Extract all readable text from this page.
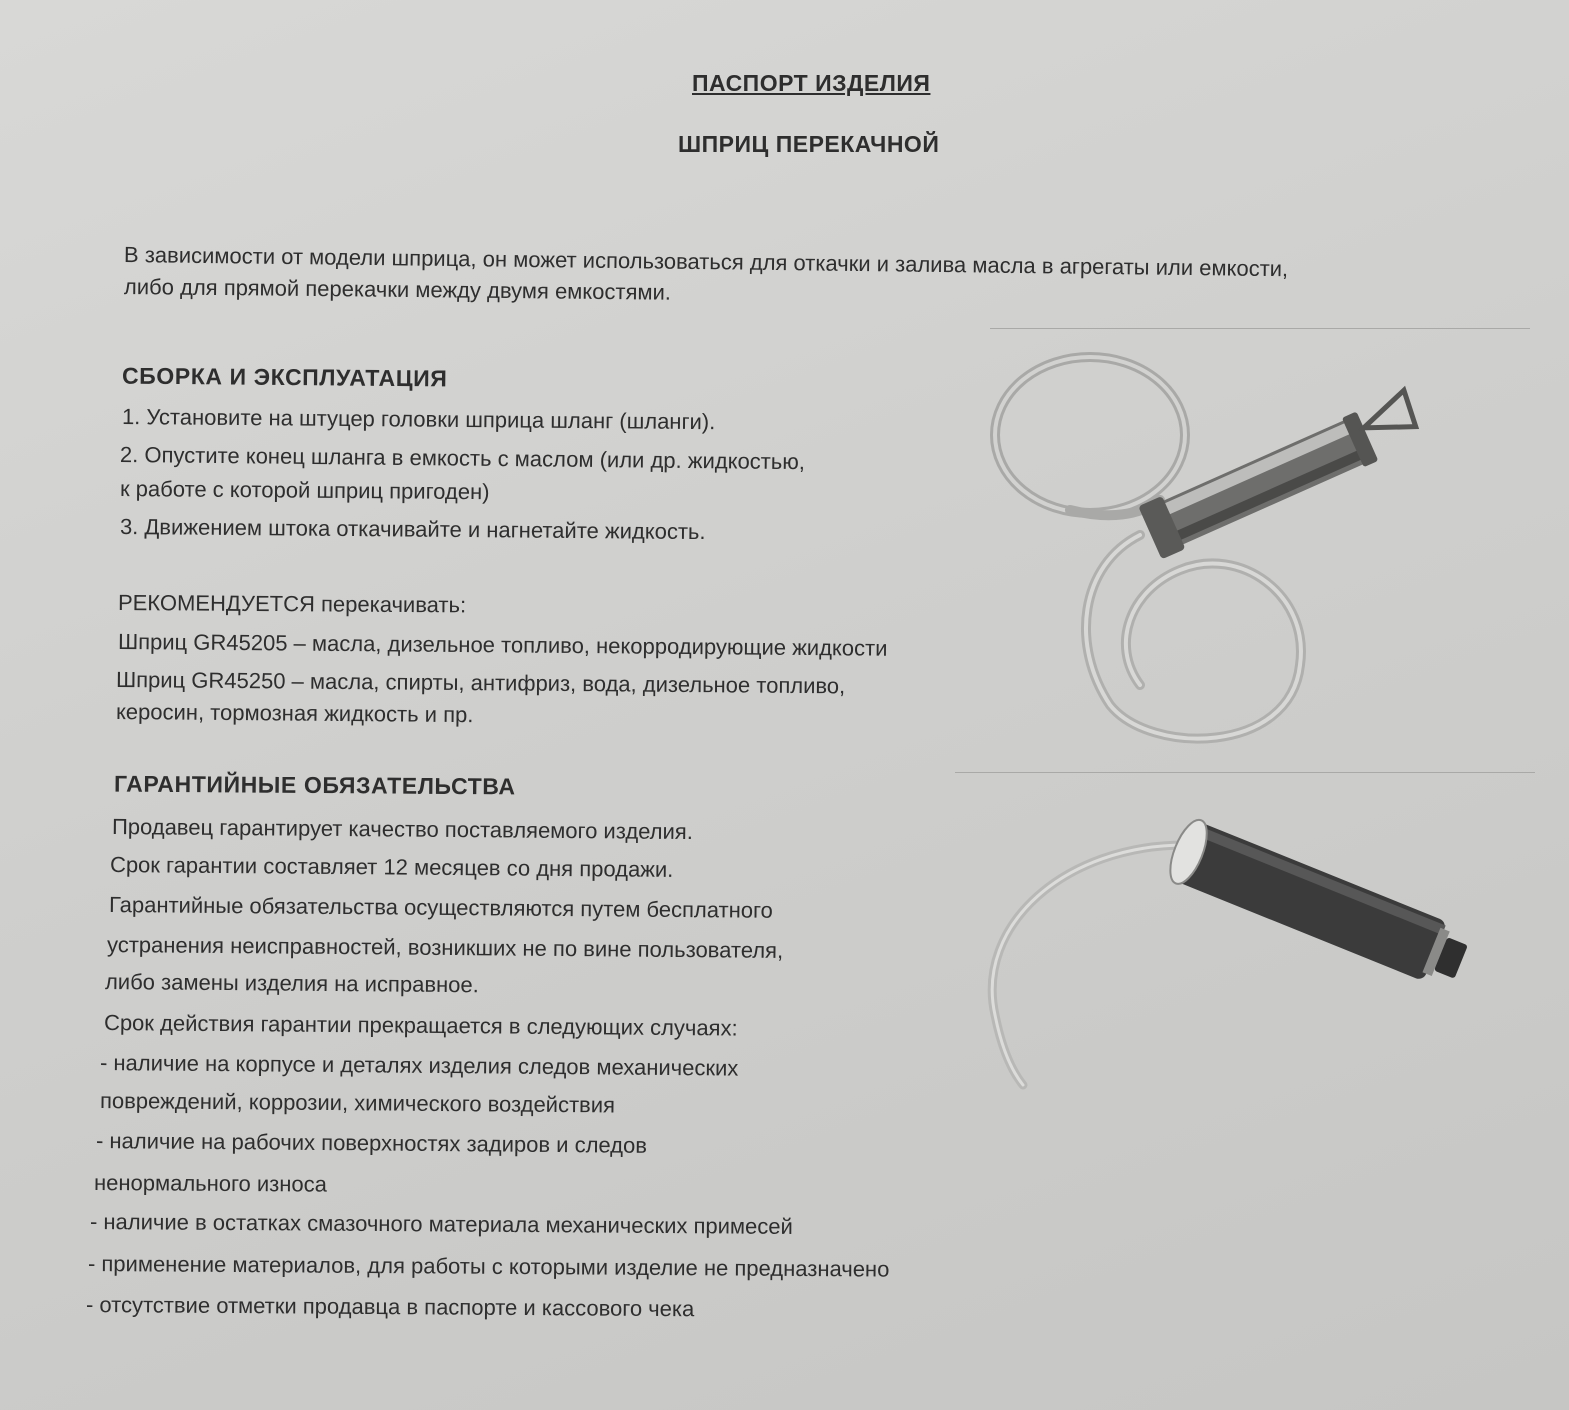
ПАСПОРТ ИЗДЕЛИЯ

ШПРИЦ ПЕРЕКАЧНОЙ

В зависимости от модели шприца, он может использоваться для откачки и залива масла в агрегаты или емкости,

либо для прямой перекачки между двумя емкостями.

СБОРКА И ЭКСПЛУАТАЦИЯ

1. Установите на штуцер головки шприца шланг (шланги).

2. Опустите конец шланга в емкость с маслом (или др. жидкостью,

к работе с которой шприц пригоден)

3. Движением штока откачивайте и нагнетайте жидкость.

РЕКОМЕНДУЕТСЯ перекачивать:

Шприц GR45205 – масла, дизельное топливо, некорродирующие жидкости

Шприц GR45250 – масла, спирты, антифриз, вода, дизельное топливо,

керосин, тормозная жидкость и пр.

ГАРАНТИЙНЫЕ ОБЯЗАТЕЛЬСТВА

Продавец гарантирует качество поставляемого изделия.

Срок гарантии составляет 12 месяцев со дня продажи.

Гарантийные обязательства осуществляются путем бесплатного

устранения неисправностей, возникших не по вине пользователя,

либо замены изделия на исправное.

Срок действия гарантии прекращается в следующих случаях:

- наличие на корпусе и деталях изделия следов механических

повреждений, коррозии, химического воздействия

- наличие на рабочих поверхностях задиров и следов

ненормального износа

- наличие в остатках смазочного материала механических примесей

- применение материалов, для работы с которыми изделие не предназначено

- отсутствие отметки продавца в паспорте и кассового чека
